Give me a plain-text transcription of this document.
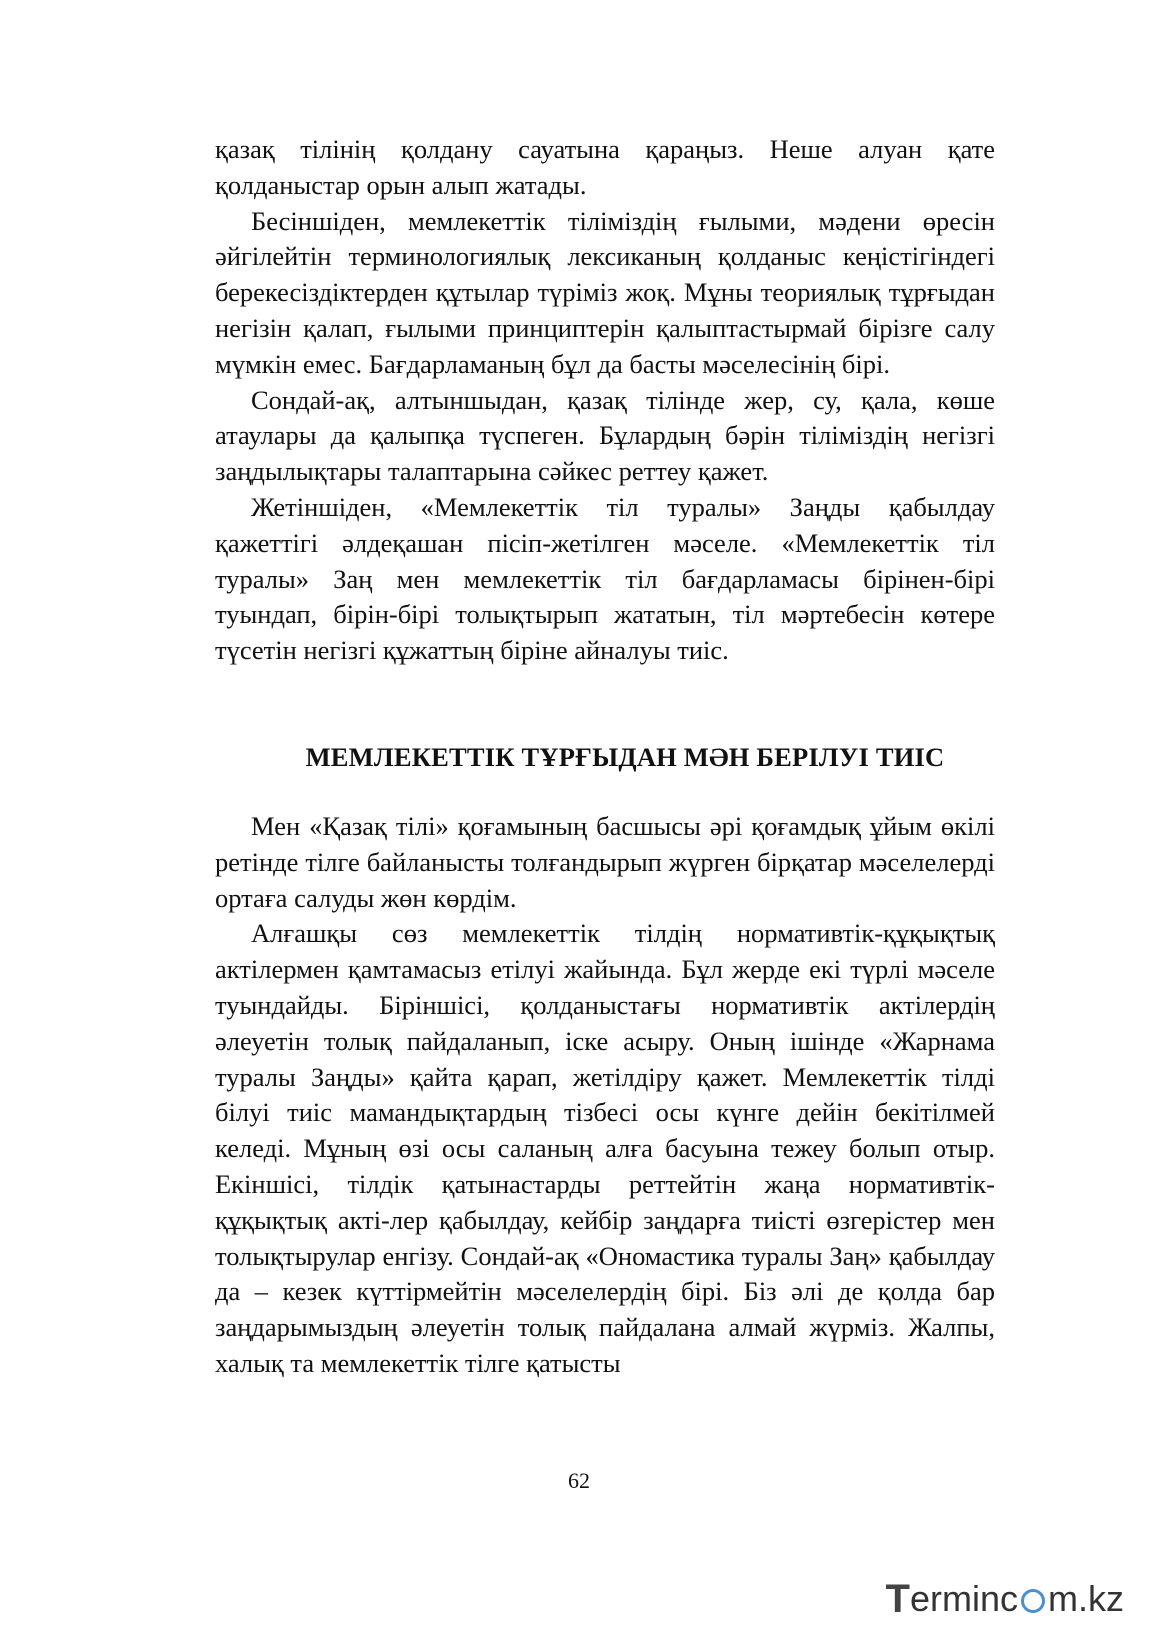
қазақ тілінің қолдану сауатына қараңыз. Неше алуан қате қолданыстар орын алып жатады.

Бесіншіден, мемлекеттік тіліміздің ғылыми, мәдени өресін әйгілейтін терминологиялық лексиканың қолданыс кеңістігіндегі берекесіздіктерден құтылар түріміз жоқ. Мұны теориялық тұрғыдан негізін қалап, ғылыми принциптерін қалыптастырмай бірізге салу мүмкін емес. Бағдарламаның бұл да басты мәселесінің бірі.

Сондай-ақ, алтыншыдан, қазақ тілінде жер, су, қала, көше атаулары да қалыпқа түспеген. Бұлардың бәрін тіліміздің негізгі заңдылықтары талаптарына сәйкес реттеу қажет.

Жетіншіден, «Мемлекеттік тіл туралы» Заңды қабылдау қажеттігі әлдеқашан пісіп-жетілген мәселе. «Мемлекеттік тіл туралы» Заң мен мемлекеттік тіл бағдарламасы бірінен-бірі туындап, бірін-бірі толықтырып жататын, тіл мәртебесін көтере түсетін негізгі құжаттың біріне айналуы тиіс.

МЕМЛЕКЕТТІК ТҰРҒЫДАН МӘН БЕРІЛУІ ТИІС

Мен «Қазақ тілі» қоғамының басшысы әрі қоғамдық ұйым өкілі ретінде тілге байланысты толғандырып жүрген бірқатар мәселелерді ортаға салуды жөн көрдім.

Алғашқы сөз мемлекеттік тілдің нормативтік-құқықтық актілермен қамтамасыз етілуі жайында. Бұл жерде екі түрлі мәселе туындайды. Біріншісі, қолданыстағы нормативтік актілердің әлеуетін толық пайдаланып, іске асыру. Оның ішінде «Жарнама туралы Заңды» қайта қарап, жетілдіру қажет. Мемлекеттік тілді білуі тиіс мамандықтардың тізбесі осы күнге дейін бекітілмей келеді. Мұның өзі осы саланың алға басуына тежеу болып отыр. Екіншісі, тілдік қатынастарды реттейтін жаңа нормативтік-құқықтық акті-лер қабылдау, кейбір заңдарға тиісті өзгерістер мен толықтырулар енгізу. Сондай-ақ «Ономастика туралы Заң» қабылдау да – кезек күттірмейтін мәселелердің бірі. Біз әлі де қолда бар заңдарымыздың әлеуетін толық пайдалана алмай жүрміз. Жалпы, халық та мемлекеттік тілге қатысты

62
T erminc m.kz
